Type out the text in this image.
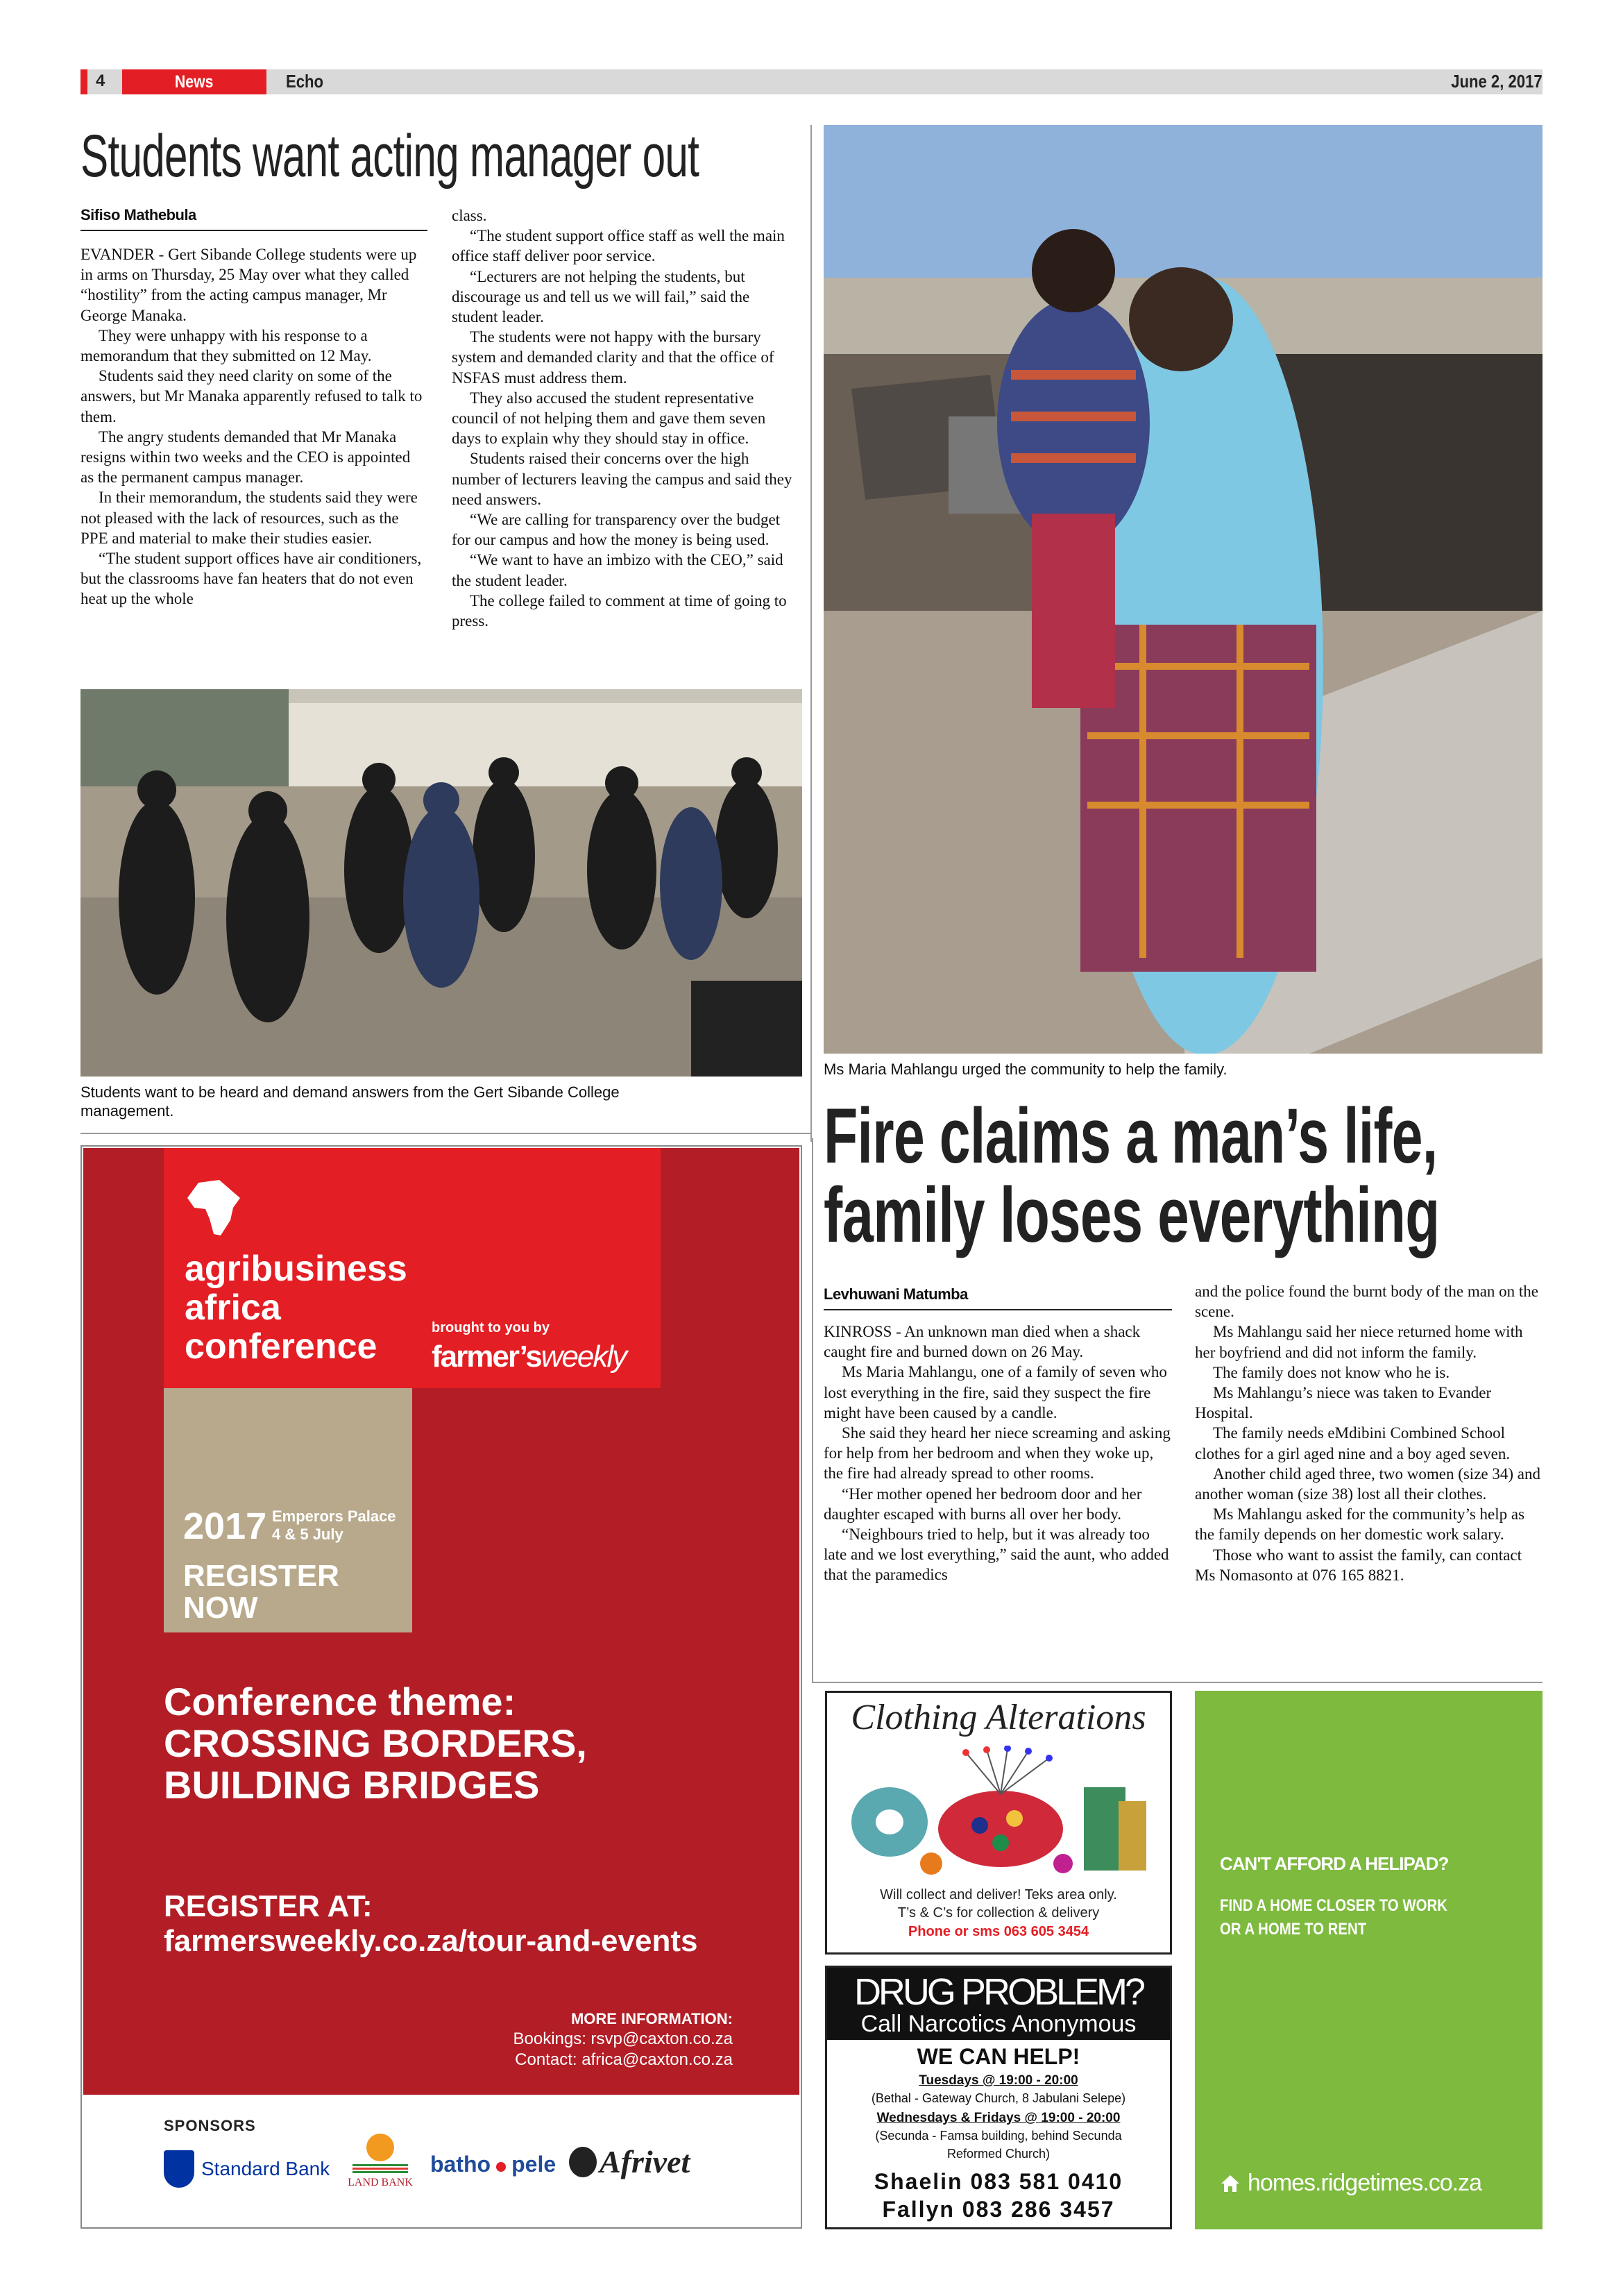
4	News	Echo	June 2, 2017
Students want acting manager out
Sifiso Mathebula

EVANDER - Gert Sibande College students were up in arms on Thursday, 25 May over what they called “hostility” from the acting campus manager, Mr George Manaka.

They were unhappy with his response to a memorandum that they submitted on 12 May.

Students said they need clarity on some of the answers, but Mr Manaka apparently refused to talk to them.

The angry students demanded that Mr Manaka resigns within two weeks and the CEO is appointed as the permanent campus manager.

In their memorandum, the students said they were not pleased with the lack of resources, such as the PPE and material to make their studies easier.

“The student support offices have air conditioners, but the classrooms have fan heaters that do not even heat up the whole

class.

“The student support office staff as well the main office staff deliver poor service.

“Lecturers are not helping the students, but discourage us and tell us we will fail,” said the student leader.

The students were not happy with the bursary system and demanded clarity and that the office of NSFAS must address them.

They also accused the student representative council of not helping them and gave them seven days to explain why they should stay in office.

Students raised their concerns over the high number of lecturers leaving the campus and said they need answers.

“We are calling for transparency over the budget for our campus and how the money is being used.

“We want to have an imbizo with the CEO,” said the student leader.

The college failed to comment at time of going to press.

Students want to be heard and demand answers from the Gert Sibande College management.
Ms Maria Mahlangu urged the community to help the family.
Fire claims a man’s life,
family loses everything
Levhuwani Matumba

KINROSS - An unknown man died when a shack caught fire and burned down on 26 May.

Ms Maria Mahlangu, one of a family of seven who lost everything in the fire, said they suspect the fire might have been caused by a candle.

She said they heard her niece screaming and asking for help from her bedroom and when they woke up, the fire had already spread to other rooms.

“Her mother opened her bedroom door and her daughter escaped with burns all over her body.

“Neighbours tried to help, but it was already too late and we lost everything,” said the aunt, who added that the paramedics

and the police found the burnt body of the man on the scene.

Ms Mahlangu said her niece returned home with her boyfriend and did not inform the family.

The family does not know who he is.

Ms Mahlangu’s niece was taken to Evander Hospital.

The family needs eMdibini Combined School clothes for a girl aged nine and a boy aged seven.

Another child aged three, two women (size 34) and another woman (size 38) lost all their clothes.

Ms Mahlangu asked for the community’s help as the family depends on her domestic work salary.

Those who want to assist the family, can contact Ms Nomasonto at 076 165 8821.

agribusiness
africa
conference	brought to you by
farmer’sweekly
2017 Emperors Palace
4 & 5 July
REGISTER
NOW
Conference theme:
CROSSING BORDERS,
BUILDING BRIDGES
REGISTER AT:
farmersweekly.co.za/tour-and-events
MORE INFORMATION:
Bookings: rsvp@caxton.co.za
Contact: africa@caxton.co.za
SPONSORS
Standard Bank
LAND BANK
batho pele	Afrivet
Clothing Alterations
Will collect and deliver! Teks area only.
T’s & C’s for collection & delivery
Phone or sms 063 605 3454
DRUG PROBLEM?
Call Narcotics Anonymous
WE CAN HELP!
Tuesdays @ 19:00 - 20:00
(Bethal - Gateway Church, 8 Jabulani Selepe)
Wednesdays & Fridays @ 19:00 - 20:00
(Secunda - Famsa building, behind Secunda
Reformed Church)
Shaelin 083 581 0410
Fallyn 083 286 3457
CAN'T AFFORD A HELIPAD?
FIND A HOME CLOSER TO WORK
OR A HOME TO RENT
homes.ridgetimes.co.za
